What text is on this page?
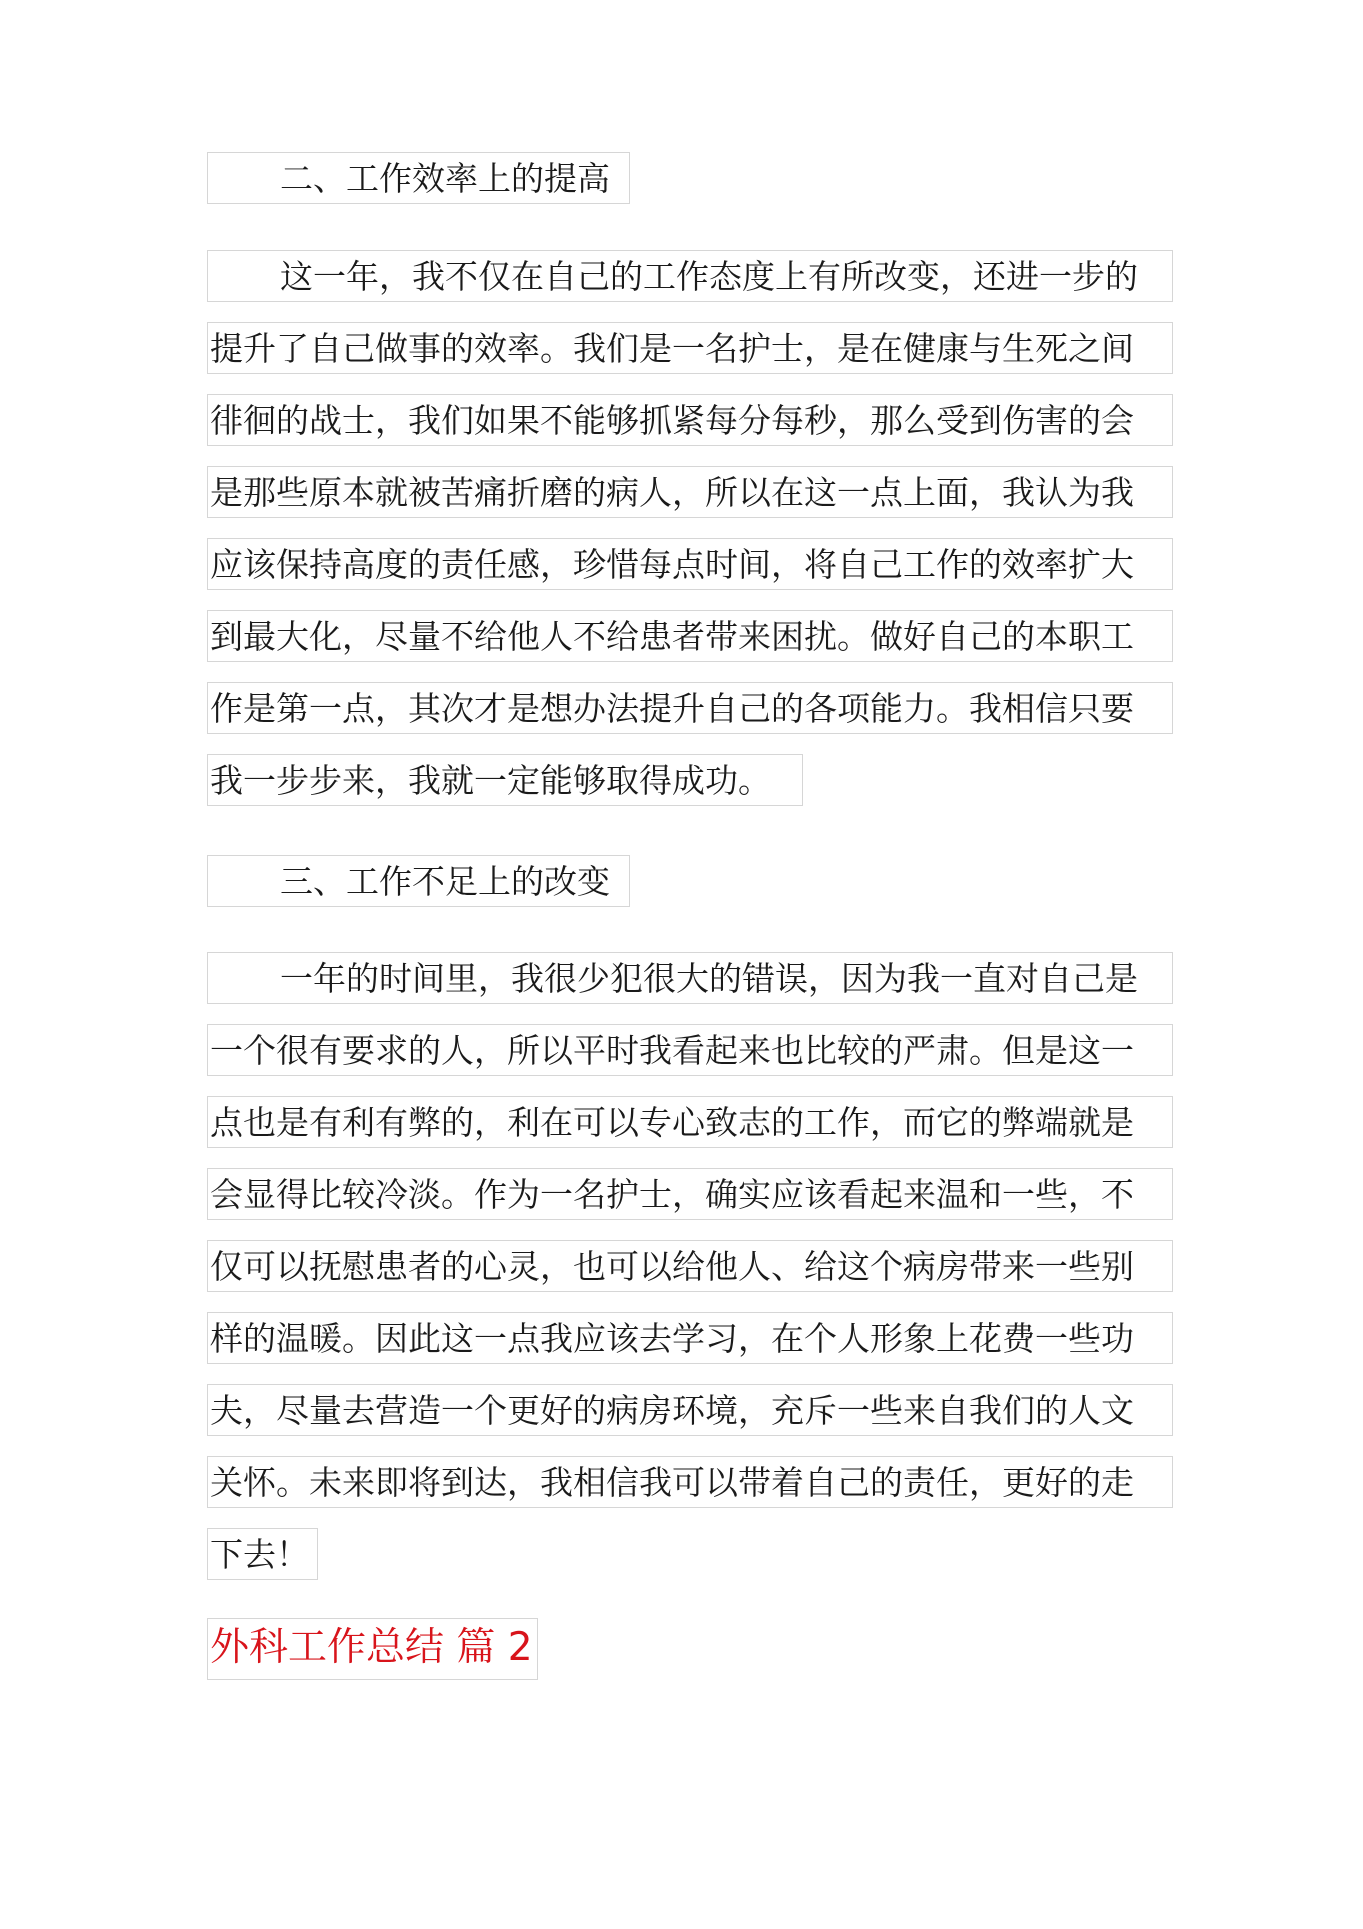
二、工作效率上的提高
这一年，我不仅在自己的工作态度上有所改变，还进一步的
提升了自己做事的效率。我们是一名护士，是在健康与生死之间
徘徊的战士，我们如果不能够抓紧每分每秒，那么受到伤害的会
是那些原本就被苦痛折磨的病人，所以在这一点上面，我认为我
应该保持高度的责任感，珍惜每点时间，将自己工作的效率扩大
到最大化，尽量不给他人不给患者带来困扰。做好自己的本职工
作是第一点，其次才是想办法提升自己的各项能力。我相信只要
我一步步来，我就一定能够取得成功。
三、工作不足上的改变
一年的时间里，我很少犯很大的错误，因为我一直对自己是
一个很有要求的人，所以平时我看起来也比较的严肃。但是这一
点也是有利有弊的，利在可以专心致志的工作，而它的弊端就是
会显得比较冷淡。作为一名护士，确实应该看起来温和一些，不
仅可以抚慰患者的心灵，也可以给他人、给这个病房带来一些别
样的温暖。因此这一点我应该去学习，在个人形象上花费一些功
夫，尽量去营造一个更好的病房环境，充斥一些来自我们的人文
关怀。未来即将到达，我相信我可以带着自己的责任，更好的走
下去！
外科工作总结 篇 2
